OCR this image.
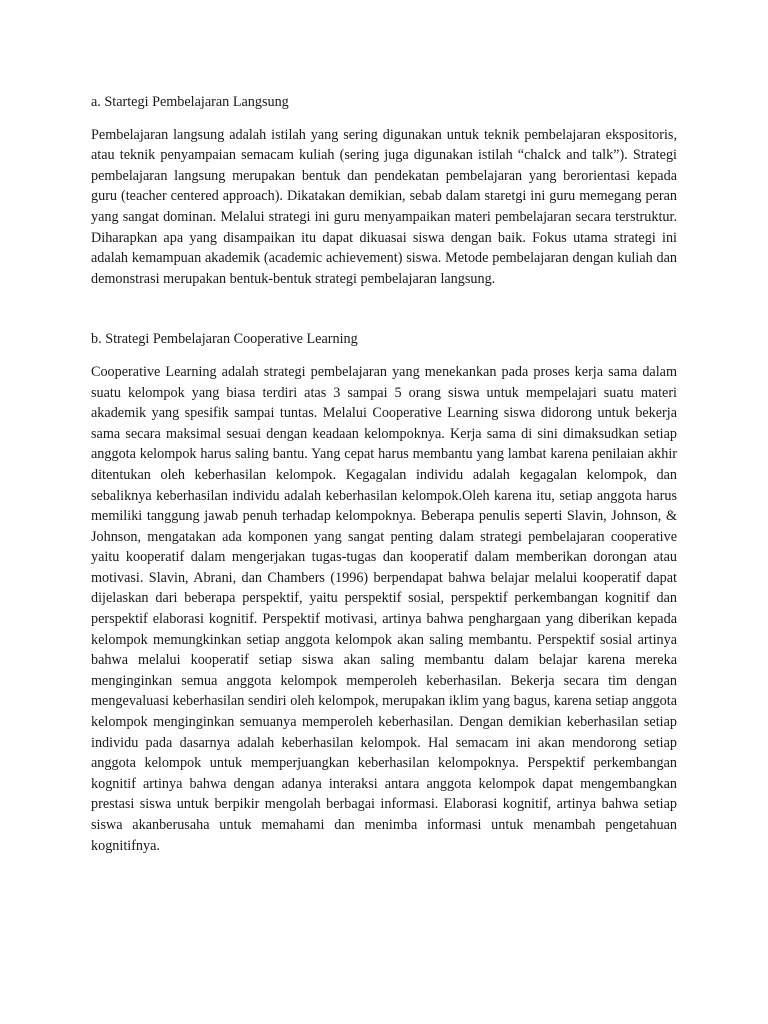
a. Startegi Pembelajaran Langsung

Pembelajaran langsung adalah istilah yang sering digunakan untuk teknik pembelajaran ekspositoris, atau teknik penyampaian semacam kuliah (sering juga digunakan istilah “chalck and talk”). Strategi pembelajaran langsung merupakan bentuk dan pendekatan pembelajaran yang berorientasi kepada guru (teacher centered approach). Dikatakan demikian, sebab dalam staretgi ini guru memegang peran yang sangat dominan. Melalui strategi ini guru menyampaikan materi pembelajaran secara terstruktur. Diharapkan apa yang disampaikan itu dapat dikuasai siswa dengan baik. Fokus utama strategi ini adalah kemampuan akademik (academic achievement) siswa. Metode pembelajaran dengan kuliah dan demonstrasi merupakan bentuk-bentuk strategi pembelajaran langsung.

b. Strategi Pembelajaran Cooperative Learning

Cooperative Learning adalah strategi pembelajaran yang menekankan pada proses kerja sama dalam suatu kelompok yang biasa terdiri atas 3 sampai 5 orang siswa untuk mempelajari suatu materi akademik yang spesifik sampai tuntas. Melalui Cooperative Learning siswa didorong untuk bekerja sama secara maksimal sesuai dengan keadaan kelompoknya. Kerja sama di sini dimaksudkan setiap anggota kelompok harus saling bantu. Yang cepat harus membantu yang lambat karena penilaian akhir ditentukan oleh keberhasilan kelompok. Kegagalan individu adalah kegagalan kelompok, dan sebaliknya keberhasilan individu adalah keberhasilan kelompok.Oleh karena itu, setiap anggota harus memiliki tanggung jawab penuh terhadap kelompoknya. Beberapa penulis seperti Slavin, Johnson, & Johnson, mengatakan ada komponen yang sangat penting dalam strategi pembelajaran cooperative yaitu kooperatif dalam mengerjakan tugas-tugas dan kooperatif dalam memberikan dorongan atau motivasi. Slavin, Abrani, dan Chambers (1996) berpendapat bahwa belajar melalui kooperatif dapat dijelaskan dari beberapa perspektif, yaitu perspektif sosial, perspektif perkembangan kognitif dan perspektif elaborasi kognitif. Perspektif motivasi, artinya bahwa penghargaan yang diberikan kepada kelompok memungkinkan setiap anggota kelompok akan saling membantu. Perspektif sosial artinya bahwa melalui kooperatif setiap siswa akan saling membantu dalam belajar karena mereka menginginkan semua anggota kelompok memperoleh keberhasilan. Bekerja secara tim dengan mengevaluasi keberhasilan sendiri oleh kelompok, merupakan iklim yang bagus, karena setiap anggota kelompok menginginkan semuanya memperoleh keberhasilan. Dengan demikian keberhasilan setiap individu pada dasarnya adalah keberhasilan kelompok. Hal semacam ini akan mendorong setiap anggota kelompok untuk memperjuangkan keberhasilan kelompoknya. Perspektif perkembangan kognitif artinya bahwa dengan adanya interaksi antara anggota kelompok dapat mengembangkan prestasi siswa untuk berpikir mengolah berbagai informasi. Elaborasi kognitif, artinya bahwa setiap siswa akanberusaha untuk memahami dan menimba informasi untuk menambah pengetahuan kognitifnya.
